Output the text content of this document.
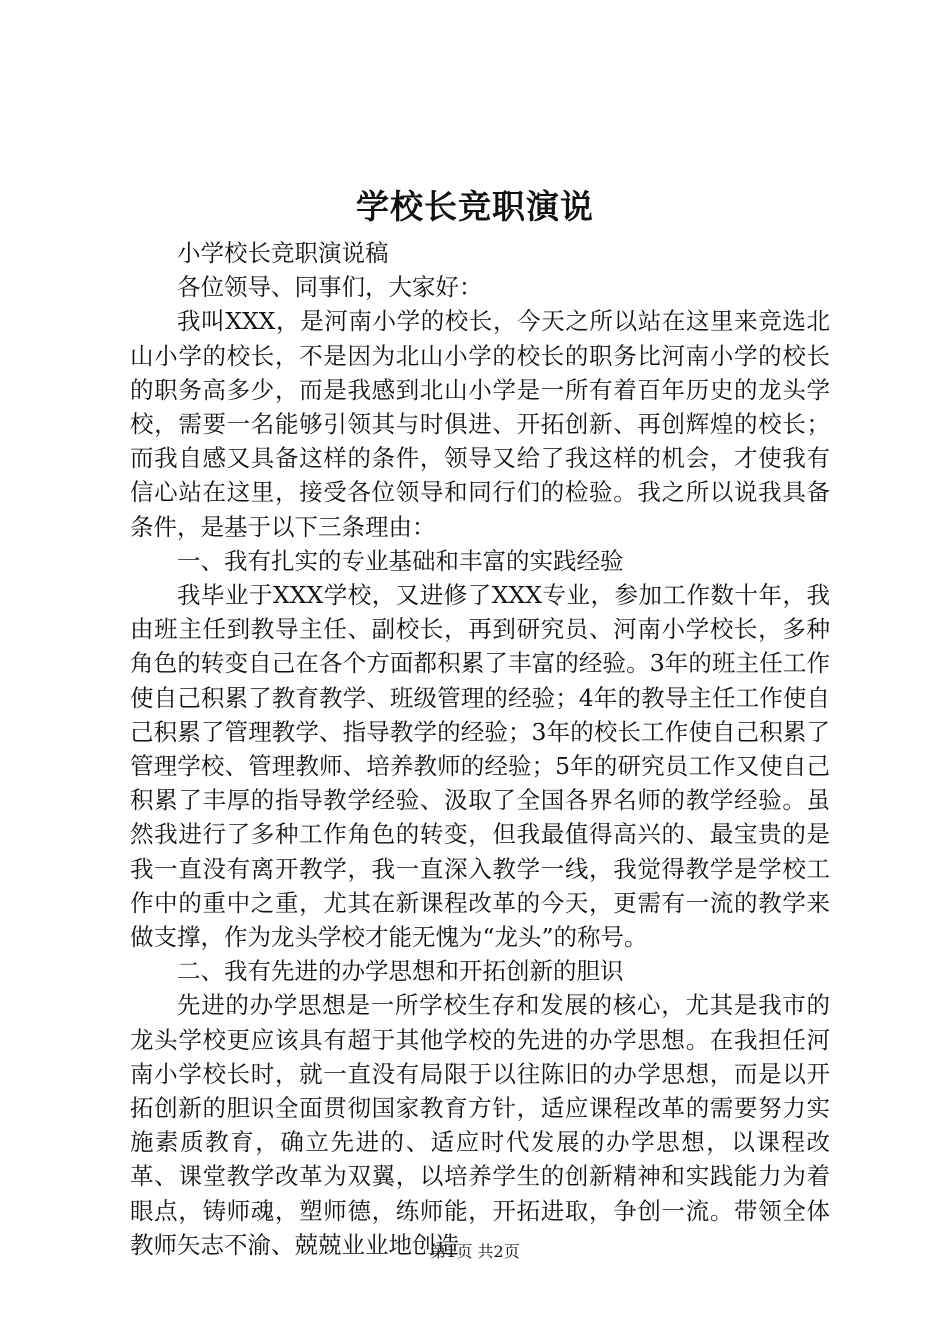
学校长竞职演说

小学校长竞职演说稿

各位领导、同事们，大家好：

我叫XXX，是河南小学的校长，今天之所以站在这里来竞选北山小学的校长，不是因为北山小学的校长的职务比河南小学的校长的职务高多少，而是我感到北山小学是一所有着百年历史的龙头学校，需要一名能够引领其与时俱进、开拓创新、再创辉煌的校长；而我自感又具备这样的条件，领导又给了我这样的机会，才使我有信心站在这里，接受各位领导和同行们的检验。我之所以说我具备条件，是基于以下三条理由：

一、我有扎实的专业基础和丰富的实践经验

我毕业于XXX学校，又进修了XXX专业，参加工作数十年，我由班主任到教导主任、副校长，再到研究员、河南小学校长，多种角色的转变自己在各个方面都积累了丰富的经验。3年的班主任工作使自己积累了教育教学、班级管理的经验；4年的教导主任工作使自己积累了管理教学、指导教学的经验；3年的校长工作使自己积累了管理学校、管理教师、培养教师的经验；5年的研究员工作又使自己积累了丰厚的指导教学经验、汲取了全国各界名师的教学经验。虽然我进行了多种工作角色的转变，但我最值得高兴的、最宝贵的是我一直没有离开教学，我一直深入教学一线，我觉得教学是学校工作中的重中之重，尤其在新课程改革的今天，更需有一流的教学来做支撑，作为龙头学校才能无愧为“龙头”的称号。

二、我有先进的办学思想和开拓创新的胆识

先进的办学思想是一所学校生存和发展的核心，尤其是我市的龙头学校更应该具有超于其他学校的先进的办学思想。在我担任河南小学校长时，就一直没有局限于以往陈旧的办学思想，而是以开拓创新的胆识全面贯彻国家教育方针，适应课程改革的需要努力实施素质教育，确立先进的、适应时代发展的办学思想，以课程改革、课堂教学改革为双翼，以培养学生的创新精神和实践能力为着眼点，铸师魂，塑师德，练师能，开拓进取，争创一流。带领全体教师矢志不渝、兢兢业业地创造

第1页 共2页
